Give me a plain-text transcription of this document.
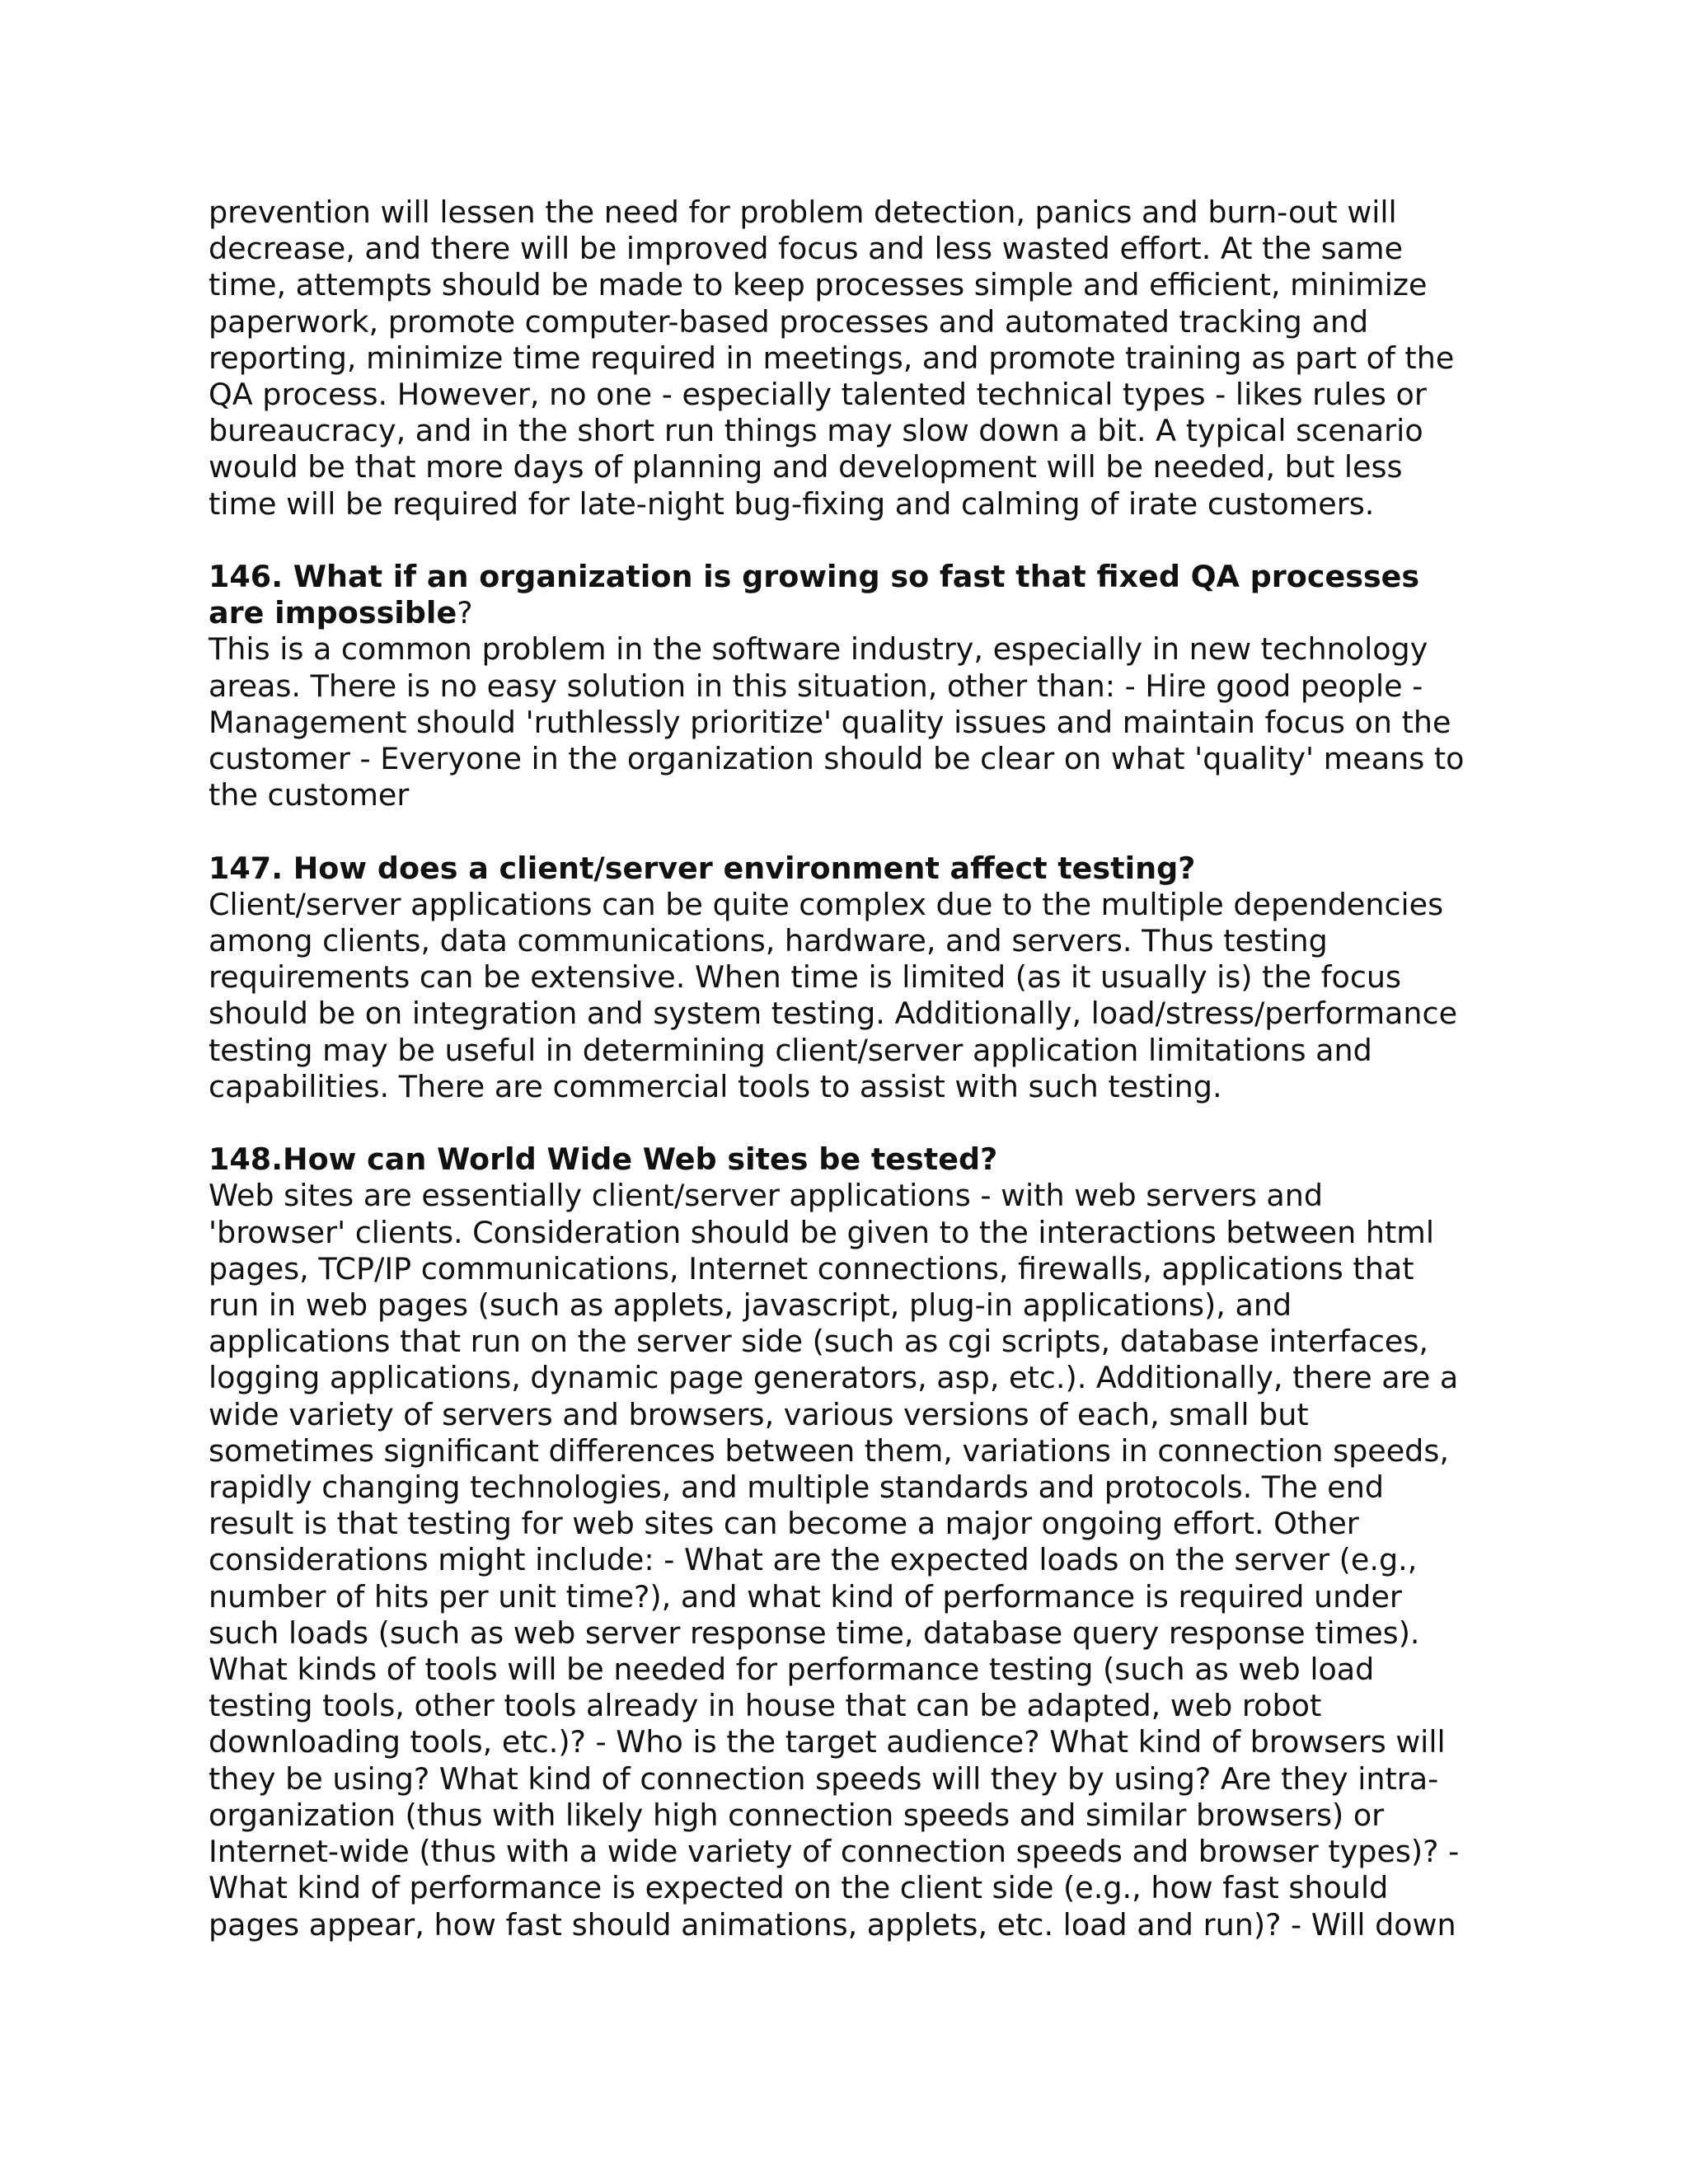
prevention will lessen the need for problem detection, panics and burn-out will
decrease, and there will be improved focus and less wasted effort. At the same
time, attempts should be made to keep processes simple and efficient, minimize
paperwork, promote computer-based processes and automated tracking and
reporting, minimize time required in meetings, and promote training as part of the
QA process. However, no one - especially talented technical types - likes rules or
bureaucracy, and in the short run things may slow down a bit. A typical scenario
would be that more days of planning and development will be needed, but less
time will be required for late-night bug-fixing and calming of irate customers.
146. What if an organization is growing so fast that fixed QA processes
are impossible?
This is a common problem in the software industry, especially in new technology
areas. There is no easy solution in this situation, other than: - Hire good people -
Management should 'ruthlessly prioritize' quality issues and maintain focus on the
customer - Everyone in the organization should be clear on what 'quality' means to
the customer
147. How does a client/server environment affect testing?
Client/server applications can be quite complex due to the multiple dependencies
among clients, data communications, hardware, and servers. Thus testing
requirements can be extensive. When time is limited (as it usually is) the focus
should be on integration and system testing. Additionally, load/stress/performance
testing may be useful in determining client/server application limitations and
capabilities. There are commercial tools to assist with such testing.
148.How can World Wide Web sites be tested?
Web sites are essentially client/server applications - with web servers and
'browser' clients. Consideration should be given to the interactions between html
pages, TCP/IP communications, Internet connections, firewalls, applications that
run in web pages (such as applets, javascript, plug-in applications), and
applications that run on the server side (such as cgi scripts, database interfaces,
logging applications, dynamic page generators, asp, etc.). Additionally, there are a
wide variety of servers and browsers, various versions of each, small but
sometimes significant differences between them, variations in connection speeds,
rapidly changing technologies, and multiple standards and protocols. The end
result is that testing for web sites can become a major ongoing effort. Other
considerations might include: - What are the expected loads on the server (e.g.,
number of hits per unit time?), and what kind of performance is required under
such loads (such as web server response time, database query response times).
What kinds of tools will be needed for performance testing (such as web load
testing tools, other tools already in house that can be adapted, web robot
downloading tools, etc.)? - Who is the target audience? What kind of browsers will
they be using? What kind of connection speeds will they by using? Are they intra-
organization (thus with likely high connection speeds and similar browsers) or
Internet-wide (thus with a wide variety of connection speeds and browser types)? -
What kind of performance is expected on the client side (e.g., how fast should
pages appear, how fast should animations, applets, etc. load and run)? - Will down
